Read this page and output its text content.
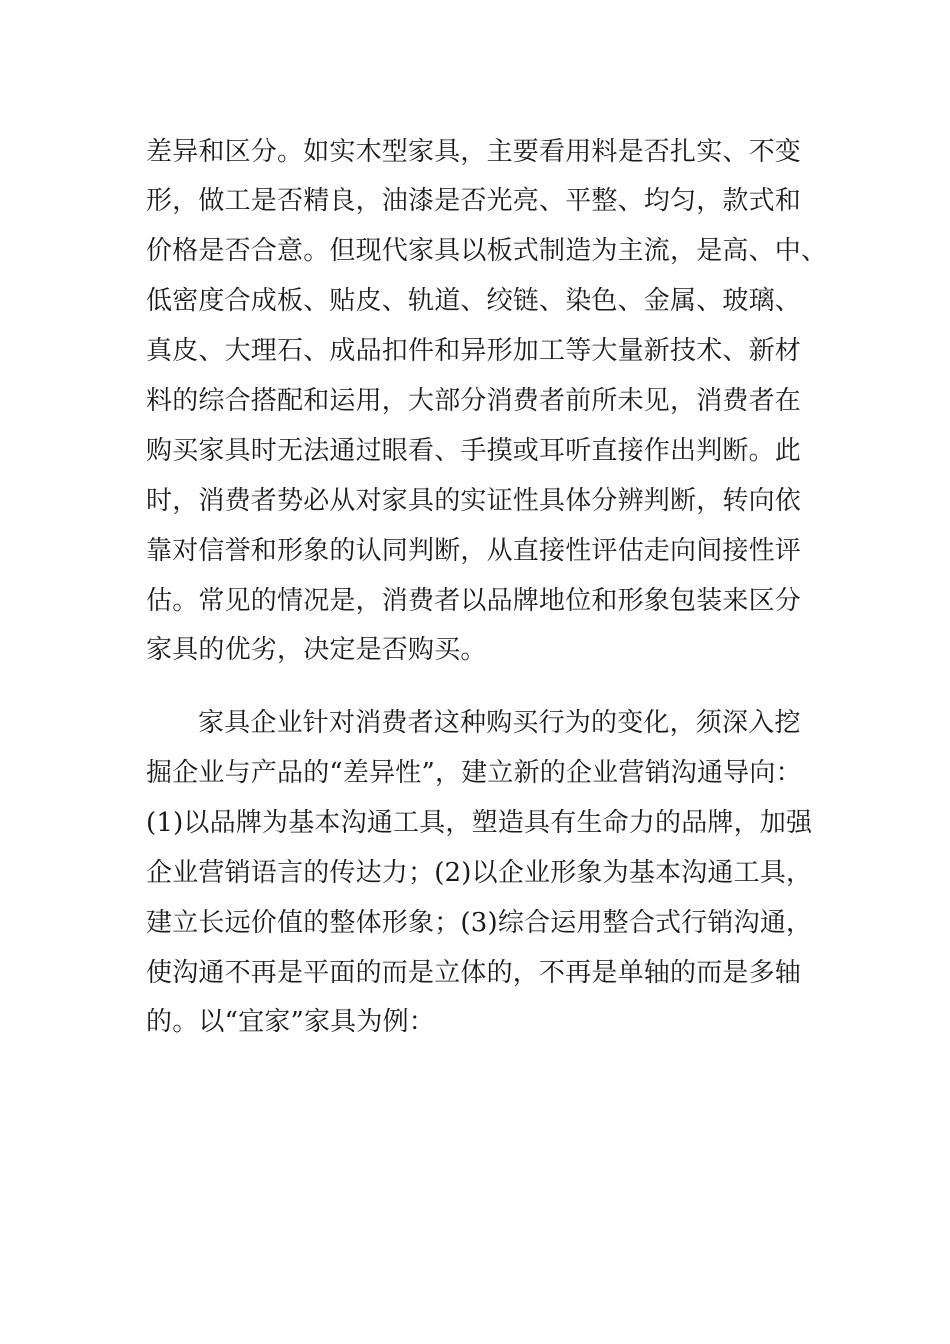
差异和区分。如实木型家具，主要看用料是否扎实、不变
形，做工是否精良，油漆是否光亮、平整、均匀，款式和
价格是否合意。但现代家具以板式制造为主流，是高、中、
低密度合成板、贴皮、轨道、绞链、染色、金属、玻璃、
真皮、大理石、成品扣件和异形加工等大量新技术、新材
料的综合搭配和运用，大部分消费者前所未见，消费者在
购买家具时无法通过眼看、手摸或耳听直接作出判断。此
时，消费者势必从对家具的实证性具体分辨判断，转向依
靠对信誉和形象的认同判断，从直接性评估走向间接性评
估。常见的情况是，消费者以品牌地位和形象包装来区分
家具的优劣，决定是否购买。
家具企业针对消费者这种购买行为的变化，须深入挖
掘企业与产品的“差异性”，建立新的企业营销沟通导向：
(1)以品牌为基本沟通工具，塑造具有生命力的品牌，加强
企业营销语言的传达力；(2)以企业形象为基本沟通工具，
建立长远价值的整体形象；(3)综合运用整合式行销沟通，
使沟通不再是平面的而是立体的，不再是单轴的而是多轴
的。以“宜家”家具为例：
